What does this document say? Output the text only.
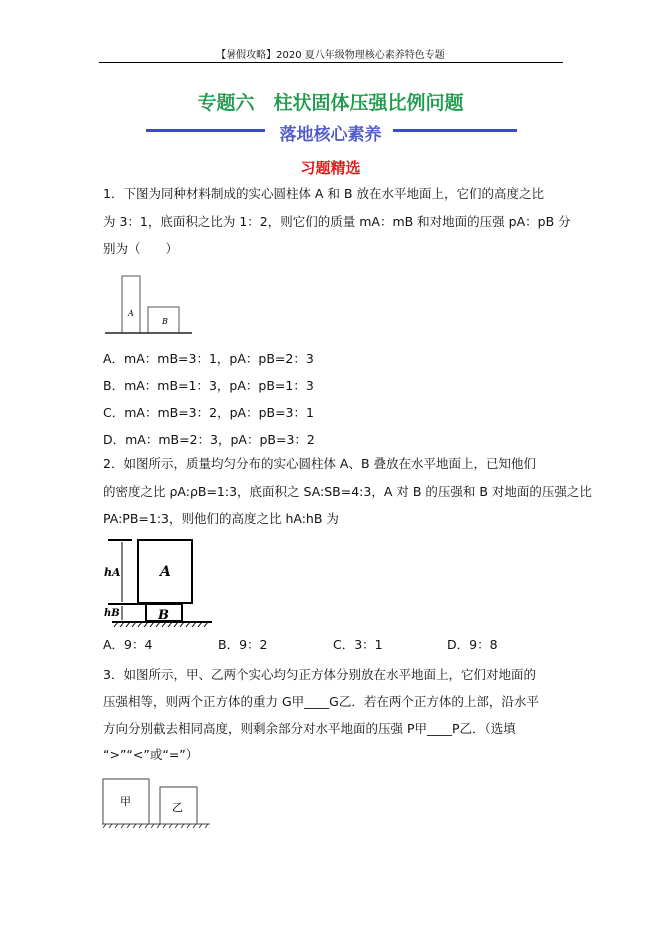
【暑假攻略】2020 夏八年级物理核心素养特色专题
专题六　柱状固体压强比例问题
落地核心素养
习题精选
1．下图为同种材料制成的实心圆柱体 A 和 B 放在水平地面上，它们的高度之比
为 3：1，底面积之比为 1：2，则它们的质量 mA：mB 和对地面的压强 pA：pB 分
别为（　　）
A
B
A．mA：mB=3：1，pA：pB=2：3
B．mA：mB=1：3，pA：pB=1：3
C．mA：mB=3：2，pA：pB=3：1
D．mA：mB=2：3，pA：pB=3：2
2．如图所示，质量均匀分布的实心圆柱体 A、B 叠放在水平地面上，已知他们
的密度之比 ρA:ρB=1:3，底面积之 SA:SB=4:3，A 对 B 的压强和 B 对地面的压强之比
PA:PB=1:3，则他们的高度之比 hA:hB 为
A
B
hA
hB
A．9：4	B．9：2	C．3：1	D．9：8
3．如图所示，甲、乙两个实心均匀正方体分别放在水平地面上，它们对地面的
压强相等，则两个正方体的重力 G甲____G乙．若在两个正方体的上部，沿水平
方向分别截去相同高度，则剩余部分对水平地面的压强 P甲____P乙．（选填
“>”“<”或“=”）
甲	乙
